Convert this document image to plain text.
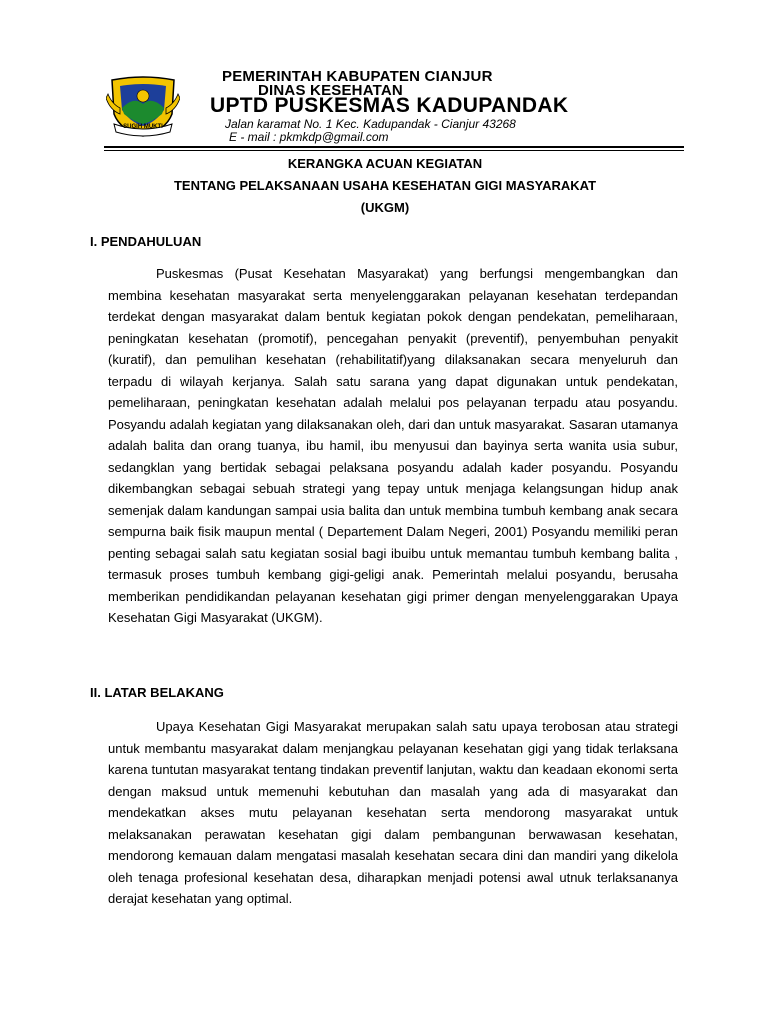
SUGIH MUKTI
PEMERINTAH KABUPATEN CIANJUR
DINAS KESEHATAN
UPTD PUSKESMAS KADUPANDAK
Jalan karamat No. 1 Kec. Kadupandak - Cianjur 43268
E - mail : pkmkdp@gmail.com
KERANGKA ACUAN KEGIATAN
TENTANG PELAKSANAAN USAHA KESEHATAN GIGI MASYARAKAT
(UKGM)
I. PENDAHULUAN

Puskesmas (Pusat Kesehatan Masyarakat) yang berfungsi mengembangkan dan membina kesehatan masyarakat serta menyelenggarakan pelayanan kesehatan terdepandan terdekat dengan masyarakat dalam bentuk kegiatan pokok dengan pendekatan, pemeliharaan, peningkatan kesehatan (promotif), pencegahan penyakit (preventif), penyembuhan penyakit (kuratif), dan pemulihan kesehatan (rehabilitatif)yang dilaksanakan secara menyeluruh dan terpadu di wilayah kerjanya. Salah satu sarana yang dapat digunakan untuk pendekatan, pemeliharaan, peningkatan kesehatan adalah melalui pos pelayanan terpadu atau posyandu. Posyandu adalah kegiatan yang dilaksanakan oleh, dari dan untuk masyarakat. Sasaran utamanya adalah balita dan orang tuanya, ibu hamil, ibu menyusui dan bayinya serta wanita usia subur, sedangklan yang bertidak sebagai pelaksana posyandu adalah kader posyandu. Posyandu dikembangkan sebagai sebuah strategi yang tepay untuk menjaga kelangsungan hidup anak semenjak dalam kandungan sampai usia balita dan untuk membina tumbuh kembang anak secara sempurna baik fisik maupun mental ( Departement Dalam Negeri, 2001) Posyandu memiliki peran penting sebagai salah satu kegiatan sosial bagi ibuibu untuk memantau tumbuh kembang balita , termasuk proses tumbuh kembang gigi-geligi anak. Pemerintah melalui posyandu, berusaha memberikan pendidikandan pelayanan kesehatan gigi primer dengan menyelenggarakan Upaya Kesehatan Gigi Masyarakat (UKGM).

II. LATAR BELAKANG

Upaya Kesehatan Gigi Masyarakat merupakan salah satu upaya terobosan atau strategi untuk membantu masyarakat dalam menjangkau pelayanan kesehatan gigi yang tidak terlaksana karena tuntutan masyarakat tentang tindakan preventif lanjutan, waktu dan keadaan ekonomi serta dengan maksud untuk memenuhi kebutuhan dan masalah yang ada di masyarakat dan mendekatkan akses mutu pelayanan kesehatan serta mendorong masyarakat untuk melaksanakan perawatan kesehatan gigi dalam pembangunan berwawasan kesehatan, mendorong kemauan dalam mengatasi masalah kesehatan secara dini dan mandiri yang dikelola oleh tenaga profesional kesehatan desa, diharapkan menjadi potensi awal utnuk terlaksananya derajat kesehatan yang optimal.
